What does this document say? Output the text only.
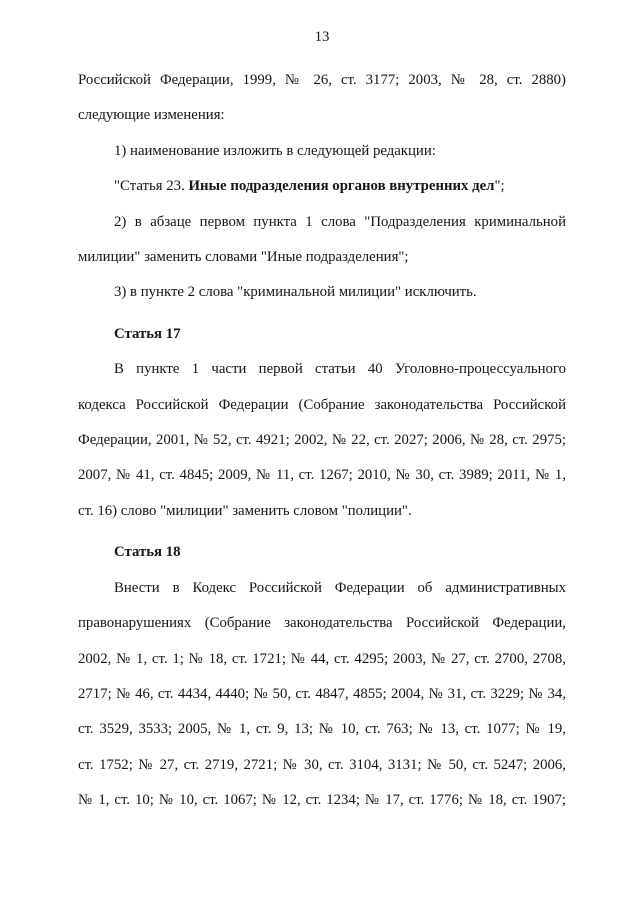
13
Российской Федерации, 1999, № 26, ст. 3177; 2003, № 28, ст. 2880)
следующие изменения:
1) наименование изложить в следующей редакции:
"Статья 23. Иные подразделения органов внутренних дел";
2) в абзаце первом пункта 1 слова "Подразделения криминальной
милиции" заменить словами "Иные подразделения";
3) в пункте 2 слова "криминальной милиции" исключить.
Статья 17
В пункте 1 части первой статьи 40 Уголовно-процессуального
кодекса Российской Федерации (Собрание законодательства Российской
Федерации, 2001, № 52, ст. 4921; 2002, № 22, ст. 2027; 2006, № 28, ст. 2975;
2007, № 41, ст. 4845; 2009, № 11, ст. 1267; 2010, № 30, ст. 3989; 2011, № 1,
ст. 16) слово "милиции" заменить словом "полиции".
Статья 18
Внести в Кодекс Российской Федерации об административных
правонарушениях (Собрание законодательства Российской Федерации,
2002, № 1, ст. 1; № 18, ст. 1721; № 44, ст. 4295; 2003, № 27, ст. 2700, 2708,
2717; № 46, ст. 4434, 4440; № 50, ст. 4847, 4855; 2004, № 31, ст. 3229; № 34,
ст. 3529, 3533; 2005, № 1, ст. 9, 13; № 10, ст. 763; № 13, ст. 1077; № 19,
ст. 1752; № 27, ст. 2719, 2721; № 30, ст. 3104, 3131; № 50, ст. 5247; 2006,
№ 1, ст. 10; № 10, ст. 1067; № 12, ст. 1234; № 17, ст. 1776; № 18, ст. 1907;
